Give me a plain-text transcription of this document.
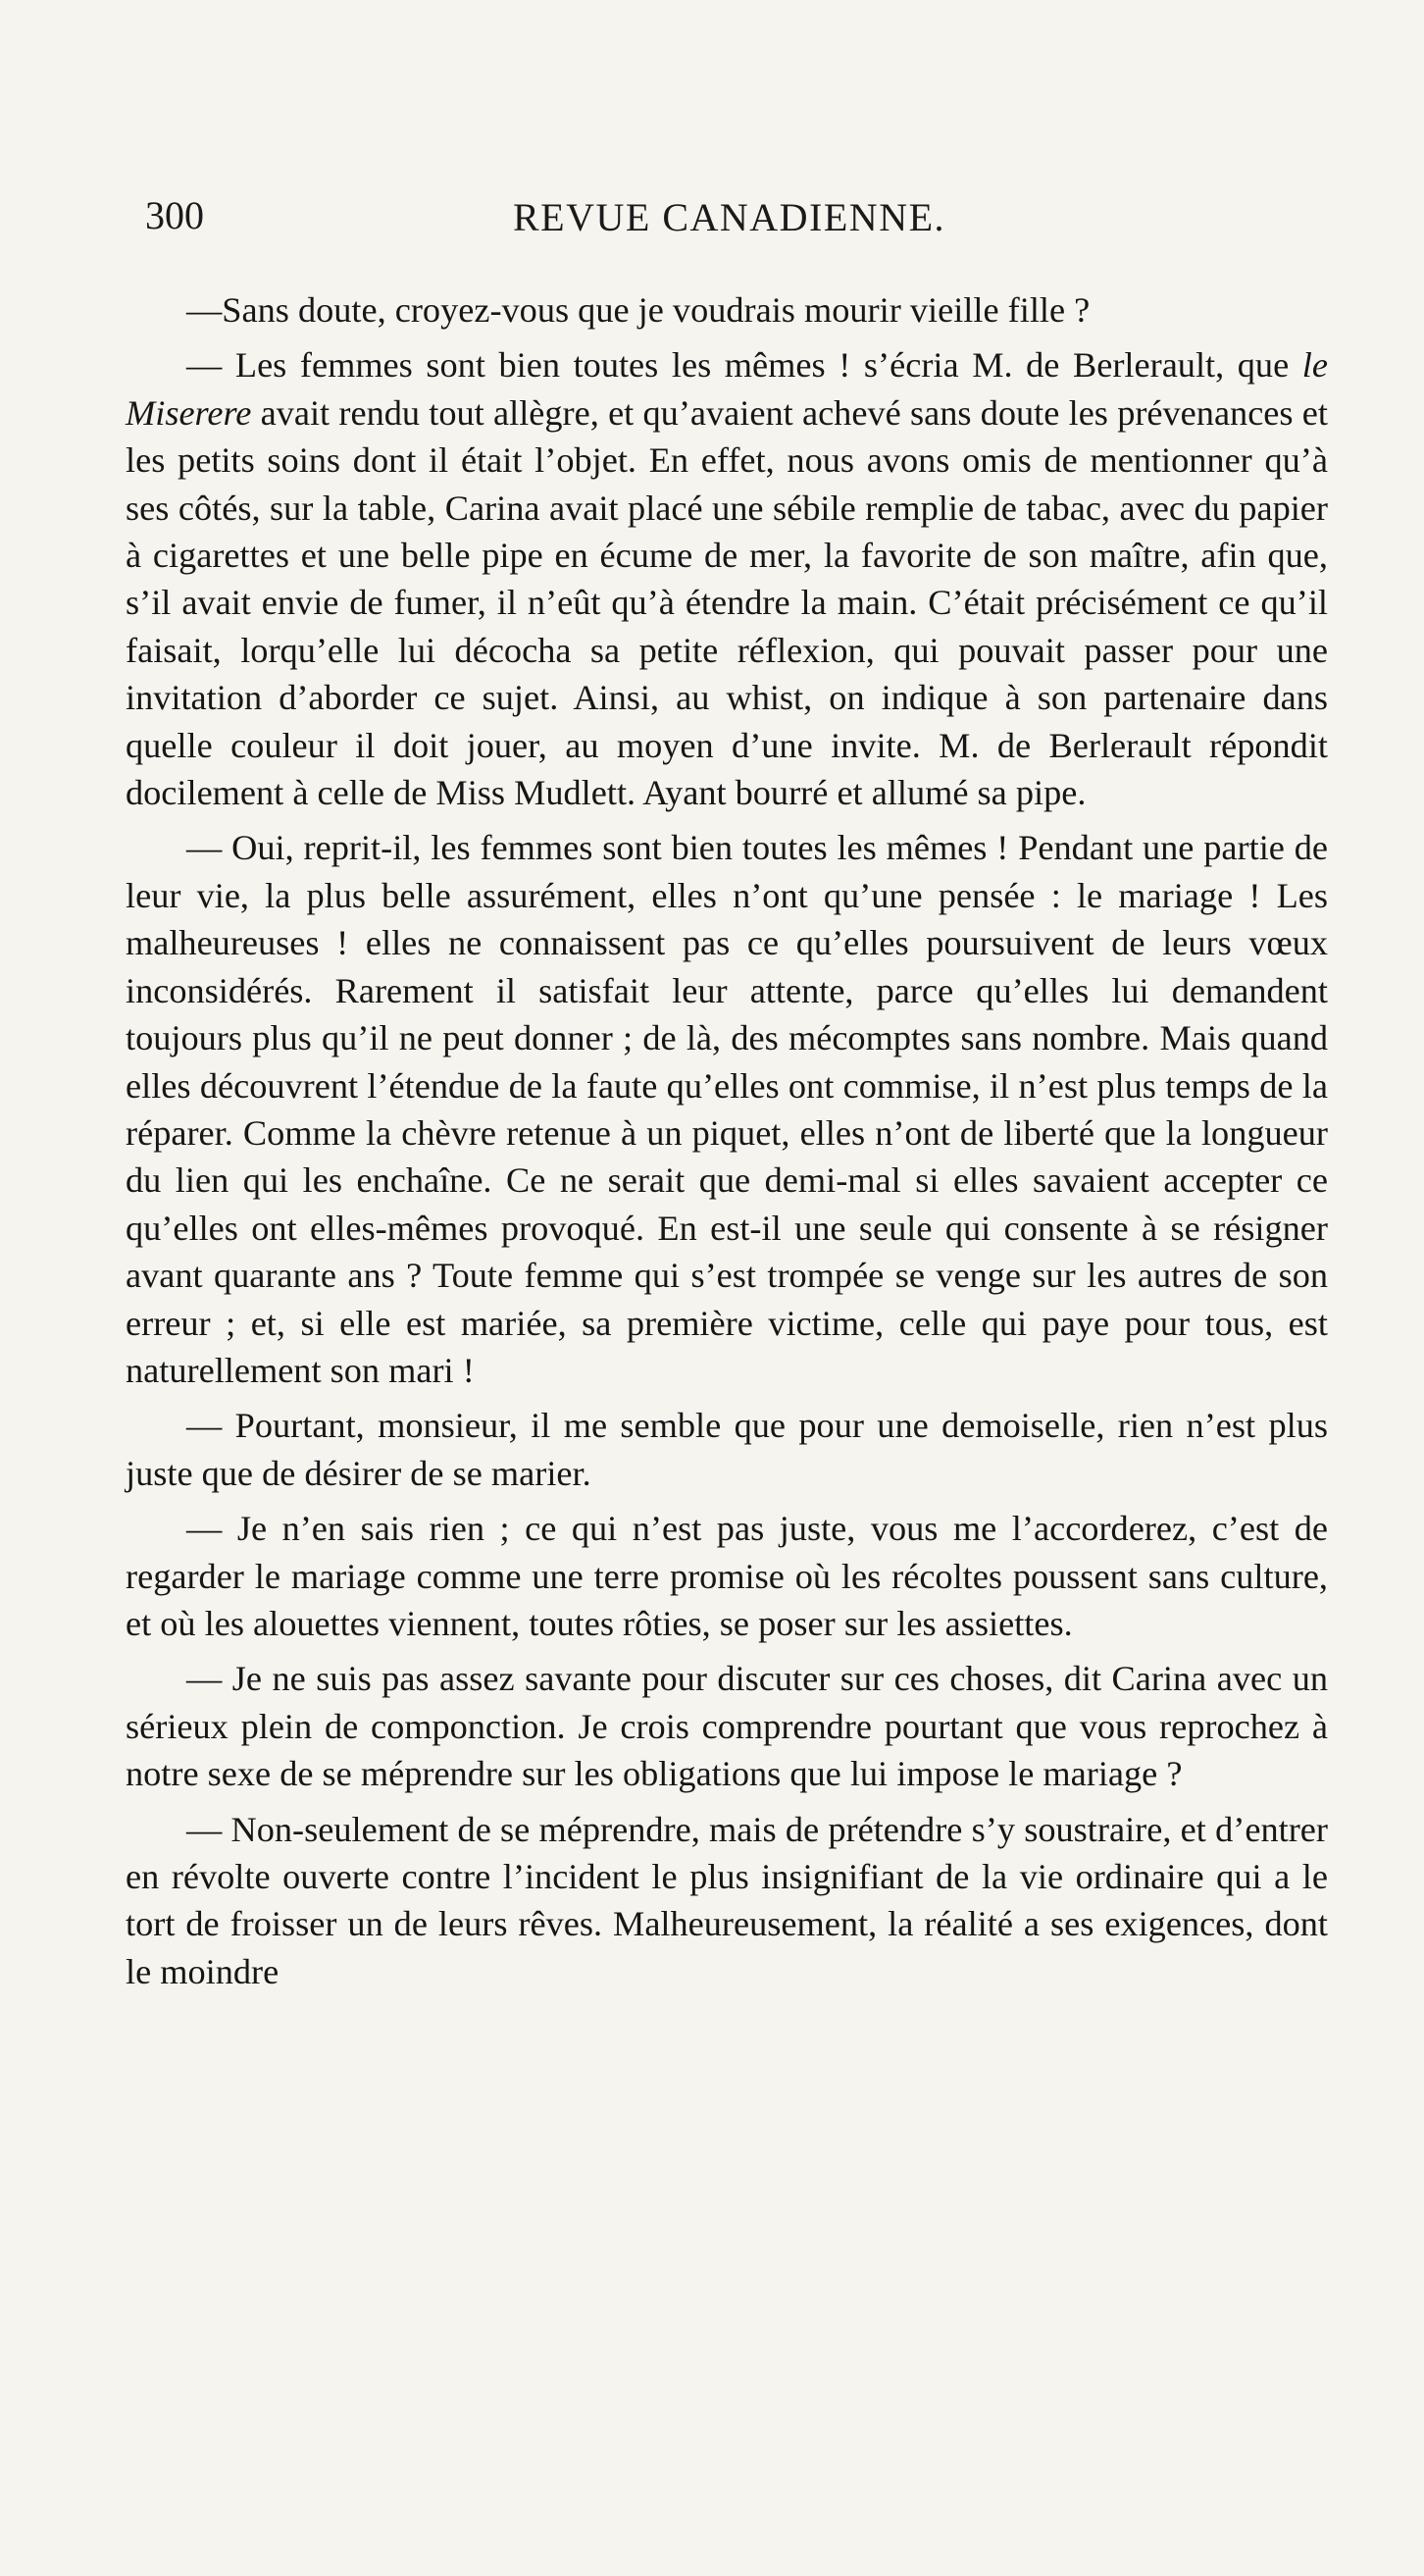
300	REVUE CANADIENNE.

—Sans doute, croyez-vous que je voudrais mourir vieille fille ?

— Les femmes sont bien toutes les mêmes ! s’écria M. de Berlerault, que le Miserere avait rendu tout allègre, et qu’avaient achevé sans doute les prévenances et les petits soins dont il était l’objet. En effet, nous avons omis de mentionner qu’à ses côtés, sur la table, Carina avait placé une sébile remplie de tabac, avec du papier à cigarettes et une belle pipe en écume de mer, la favorite de son maître, afin que, s’il avait envie de fumer, il n’eût qu’à étendre la main. C’était précisément ce qu’il faisait, lorqu’elle lui décocha sa petite réflexion, qui pouvait passer pour une invitation d’aborder ce sujet. Ainsi, au whist, on indique à son partenaire dans quelle couleur il doit jouer, au moyen d’une invite. M. de Berlerault répondit docilement à celle de Miss Mudlett. Ayant bourré et allumé sa pipe.

— Oui, reprit-il, les femmes sont bien toutes les mêmes ! Pendant une partie de leur vie, la plus belle assurément, elles n’ont qu’une pensée : le mariage ! Les malheureuses ! elles ne connaissent pas ce qu’elles poursuivent de leurs vœux inconsidérés. Rarement il satisfait leur attente, parce qu’elles lui demandent toujours plus qu’il ne peut donner ; de là, des mécomptes sans nombre. Mais quand elles découvrent l’étendue de la faute qu’elles ont commise, il n’est plus temps de la réparer. Comme la chèvre retenue à un piquet, elles n’ont de liberté que la longueur du lien qui les enchaîne. Ce ne serait que demi-mal si elles savaient accepter ce qu’elles ont elles-mêmes provoqué. En est-il une seule qui consente à se résigner avant quarante ans ? Toute femme qui s’est trompée se venge sur les autres de son erreur ; et, si elle est mariée, sa première victime, celle qui paye pour tous, est naturellement son mari !

— Pourtant, monsieur, il me semble que pour une demoiselle, rien n’est plus juste que de désirer de se marier.

— Je n’en sais rien ; ce qui n’est pas juste, vous me l’accorderez, c’est de regarder le mariage comme une terre promise où les récoltes poussent sans culture, et où les alouettes viennent, toutes rôties, se poser sur les assiettes.

— Je ne suis pas assez savante pour discuter sur ces choses, dit Carina avec un sérieux plein de componction. Je crois comprendre pourtant que vous reprochez à notre sexe de se méprendre sur les obligations que lui impose le mariage ?

— Non-seulement de se méprendre, mais de prétendre s’y soustraire, et d’entrer en révolte ouverte contre l’incident le plus insignifiant de la vie ordinaire qui a le tort de froisser un de leurs rêves. Malheureusement, la réalité a ses exigences, dont le moindre
